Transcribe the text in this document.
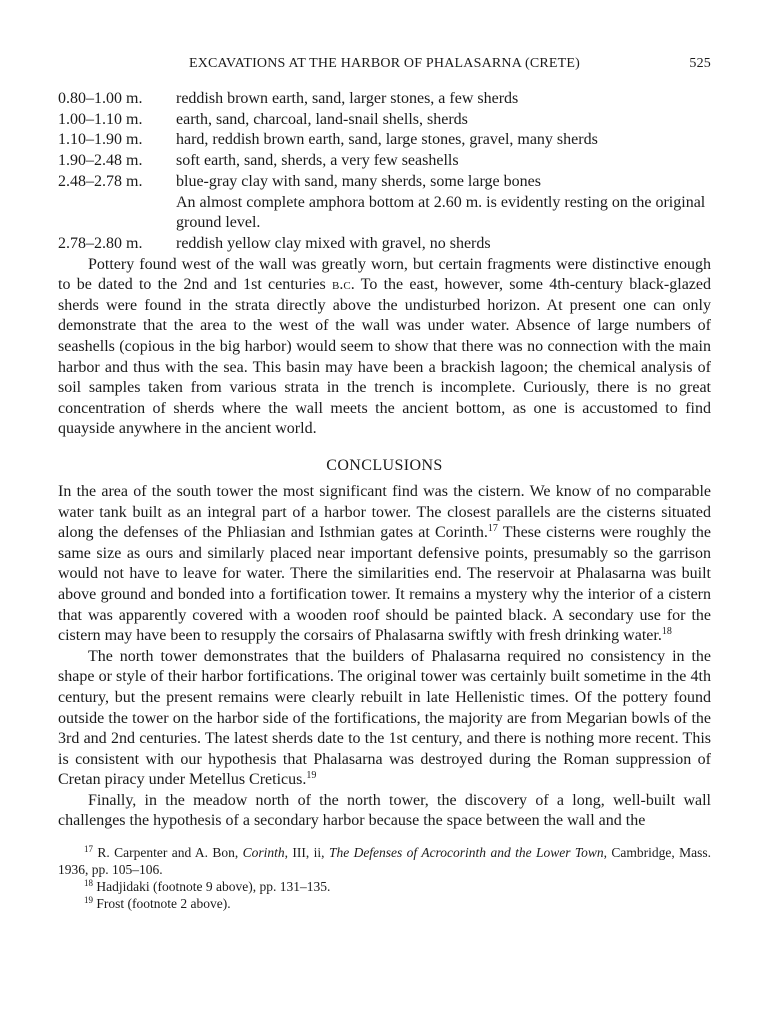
EXCAVATIONS AT THE HARBOR OF PHALASARNA (CRETE)	525
0.80–1.00 m.	reddish brown earth, sand, larger stones, a few sherds
1.00–1.10 m.	earth, sand, charcoal, land-snail shells, sherds
1.10–1.90 m.	hard, reddish brown earth, sand, large stones, gravel, many sherds
1.90–2.48 m.	soft earth, sand, sherds, a very few seashells
2.48–2.78 m.	blue-gray clay with sand, many sherds, some large bones
An almost complete amphora bottom at 2.60 m. is evidently resting on the original ground level.
2.78–2.80 m.	reddish yellow clay mixed with gravel, no sherds

Pottery found west of the wall was greatly worn, but certain fragments were distinctive enough to be dated to the 2nd and 1st centuries b.c. To the east, however, some 4th-century black-glazed sherds were found in the strata directly above the undisturbed horizon. At present one can only demonstrate that the area to the west of the wall was under water. Absence of large numbers of seashells (copious in the big harbor) would seem to show that there was no connection with the main harbor and thus with the sea. This basin may have been a brackish lagoon; the chemical analysis of soil samples taken from various strata in the trench is incomplete. Curiously, there is no great concentration of sherds where the wall meets the ancient bottom, as one is accustomed to find quayside anywhere in the ancient world.

CONCLUSIONS

In the area of the south tower the most significant find was the cistern. We know of no comparable water tank built as an integral part of a harbor tower. The closest parallels are the cisterns situated along the defenses of the Phliasian and Isthmian gates at Corinth.$^{17}$ These cisterns were roughly the same size as ours and similarly placed near important defensive points, presumably so the garrison would not have to leave for water. There the similarities end. The reservoir at Phalasarna was built above ground and bonded into a fortification tower. It remains a mystery why the interior of a cistern that was apparently covered with a wooden roof should be painted black. A secondary use for the cistern may have been to resupply the corsairs of Phalasarna swiftly with fresh drinking water.$^{18}$

The north tower demonstrates that the builders of Phalasarna required no consistency in the shape or style of their harbor fortifications. The original tower was certainly built sometime in the 4th century, but the present remains were clearly rebuilt in late Hellenistic times. Of the pottery found outside the tower on the harbor side of the fortifications, the majority are from Megarian bowls of the 3rd and 2nd centuries. The latest sherds date to the 1st century, and there is nothing more recent. This is consistent with our hypothesis that Phalasarna was destroyed during the Roman suppression of Cretan piracy under Metellus Creticus.$^{19}$

Finally, in the meadow north of the north tower, the discovery of a long, well-built wall challenges the hypothesis of a secondary harbor because the space between the wall and the

$^{17}$ R. Carpenter and A. Bon, Corinth, III, ii, The Defenses of Acrocorinth and the Lower Town, Cambridge, Mass. 1936, pp. 105–106.

$^{18}$ Hadjidaki (footnote 9 above), pp. 131–135.

$^{19}$ Frost (footnote 2 above).
